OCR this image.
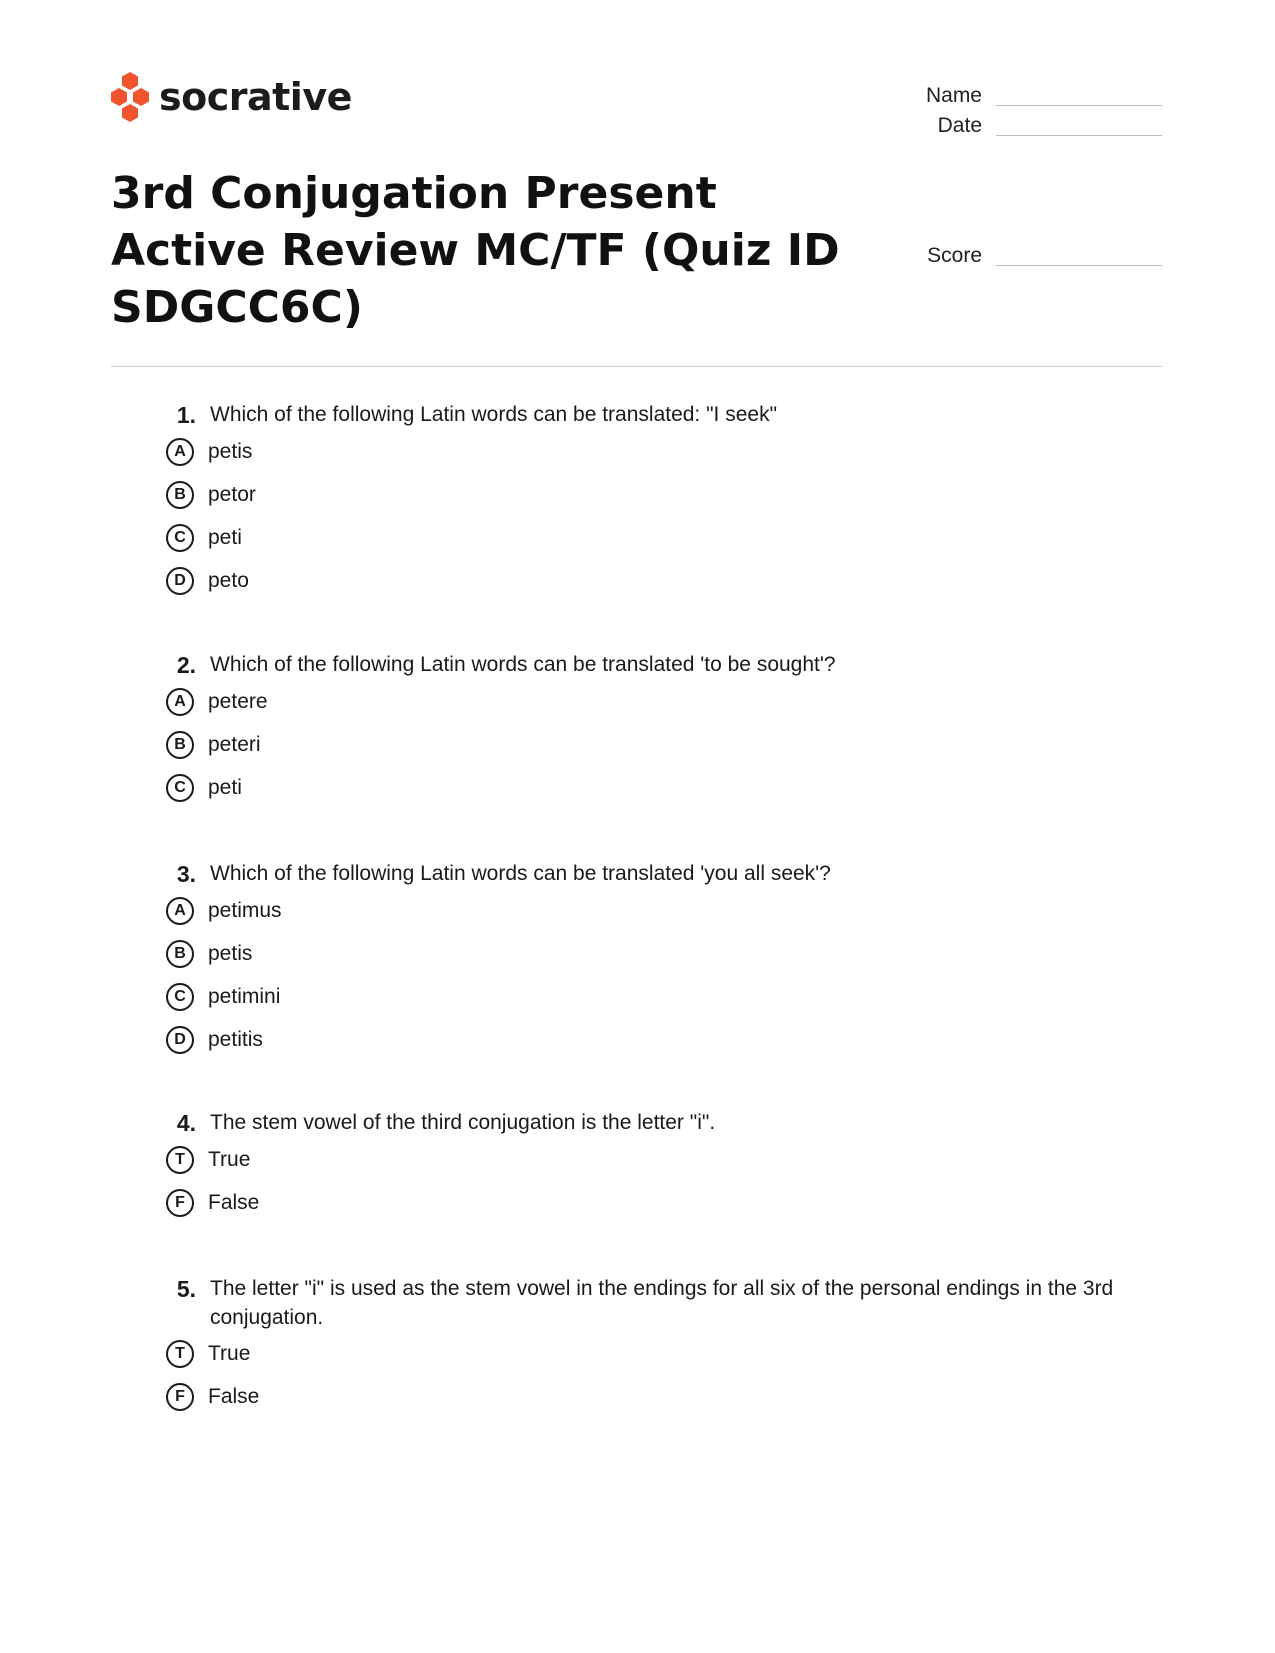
socrative	Name
Date
Score
3rd Conjugation Present Active Review MC/TF (Quiz ID SDGCC6C)
1. Which of the following Latin words can be translated: "I seek"
A	petis
B	petor
C	peti
D	peto
2. Which of the following Latin words can be translated 'to be sought'?
A	petere
B	peteri
C	peti
3. Which of the following Latin words can be translated 'you all seek'?
A	petimus
B	petis
C	petimini
D	petitis
4. The stem vowel of the third conjugation is the letter "i".
T	True
F	False
5. The letter "i" is used as the stem vowel in the endings for all six of the personal endings in the 3rd conjugation.
T	True
F	False
